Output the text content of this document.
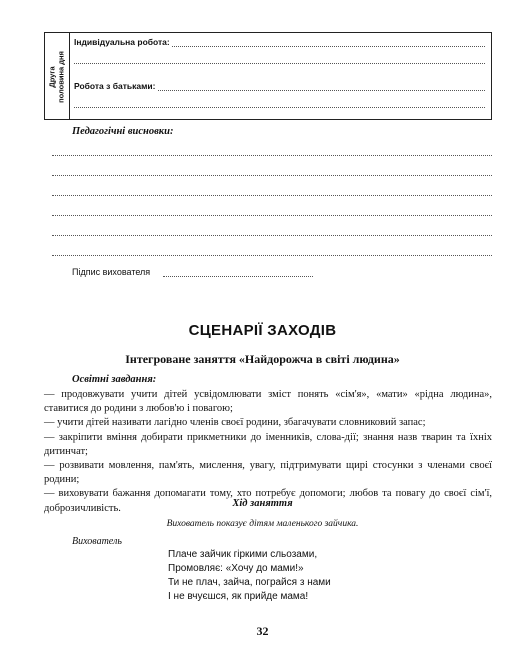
Друга половина дня
Індивідуальна робота:
Робота з батьками:
Педагогічні висновки:
Підпис вихователя
СЦЕНАРІЇ ЗАХОДІВ
Інтегроване заняття «Найдорожча в світі людина»
Освітні завдання:

— продовжувати учити дітей усвідомлювати зміст понять «сім'я», «мати» «рідна людина», ставитися до родини з любов'ю і повагою;

— учити дітей називати лагідно членів своєї родини, збагачувати словниковий запас;

— закріпити вміння добирати прикметники до іменників, слова-дії; знання назв тварин та їхніх дитинчат;

— розвивати мовлення, пам'ять, мислення, увагу, підтримувати щирі стосунки з членами своєї родини;

— виховувати бажання допомагати тому, хто потребує допомоги; любов та повагу до своєї сім'ї, доброзичливість.	Хід заняття
Вихователь показує дітям маленького зайчика.
Вихователь
Плаче зайчик гіркими сльозами,
Промовляє: «Хочу до мами!»
Ти не плач, зайча, пограйся з нами
І не вчуєшся, як прийде мама!
32
